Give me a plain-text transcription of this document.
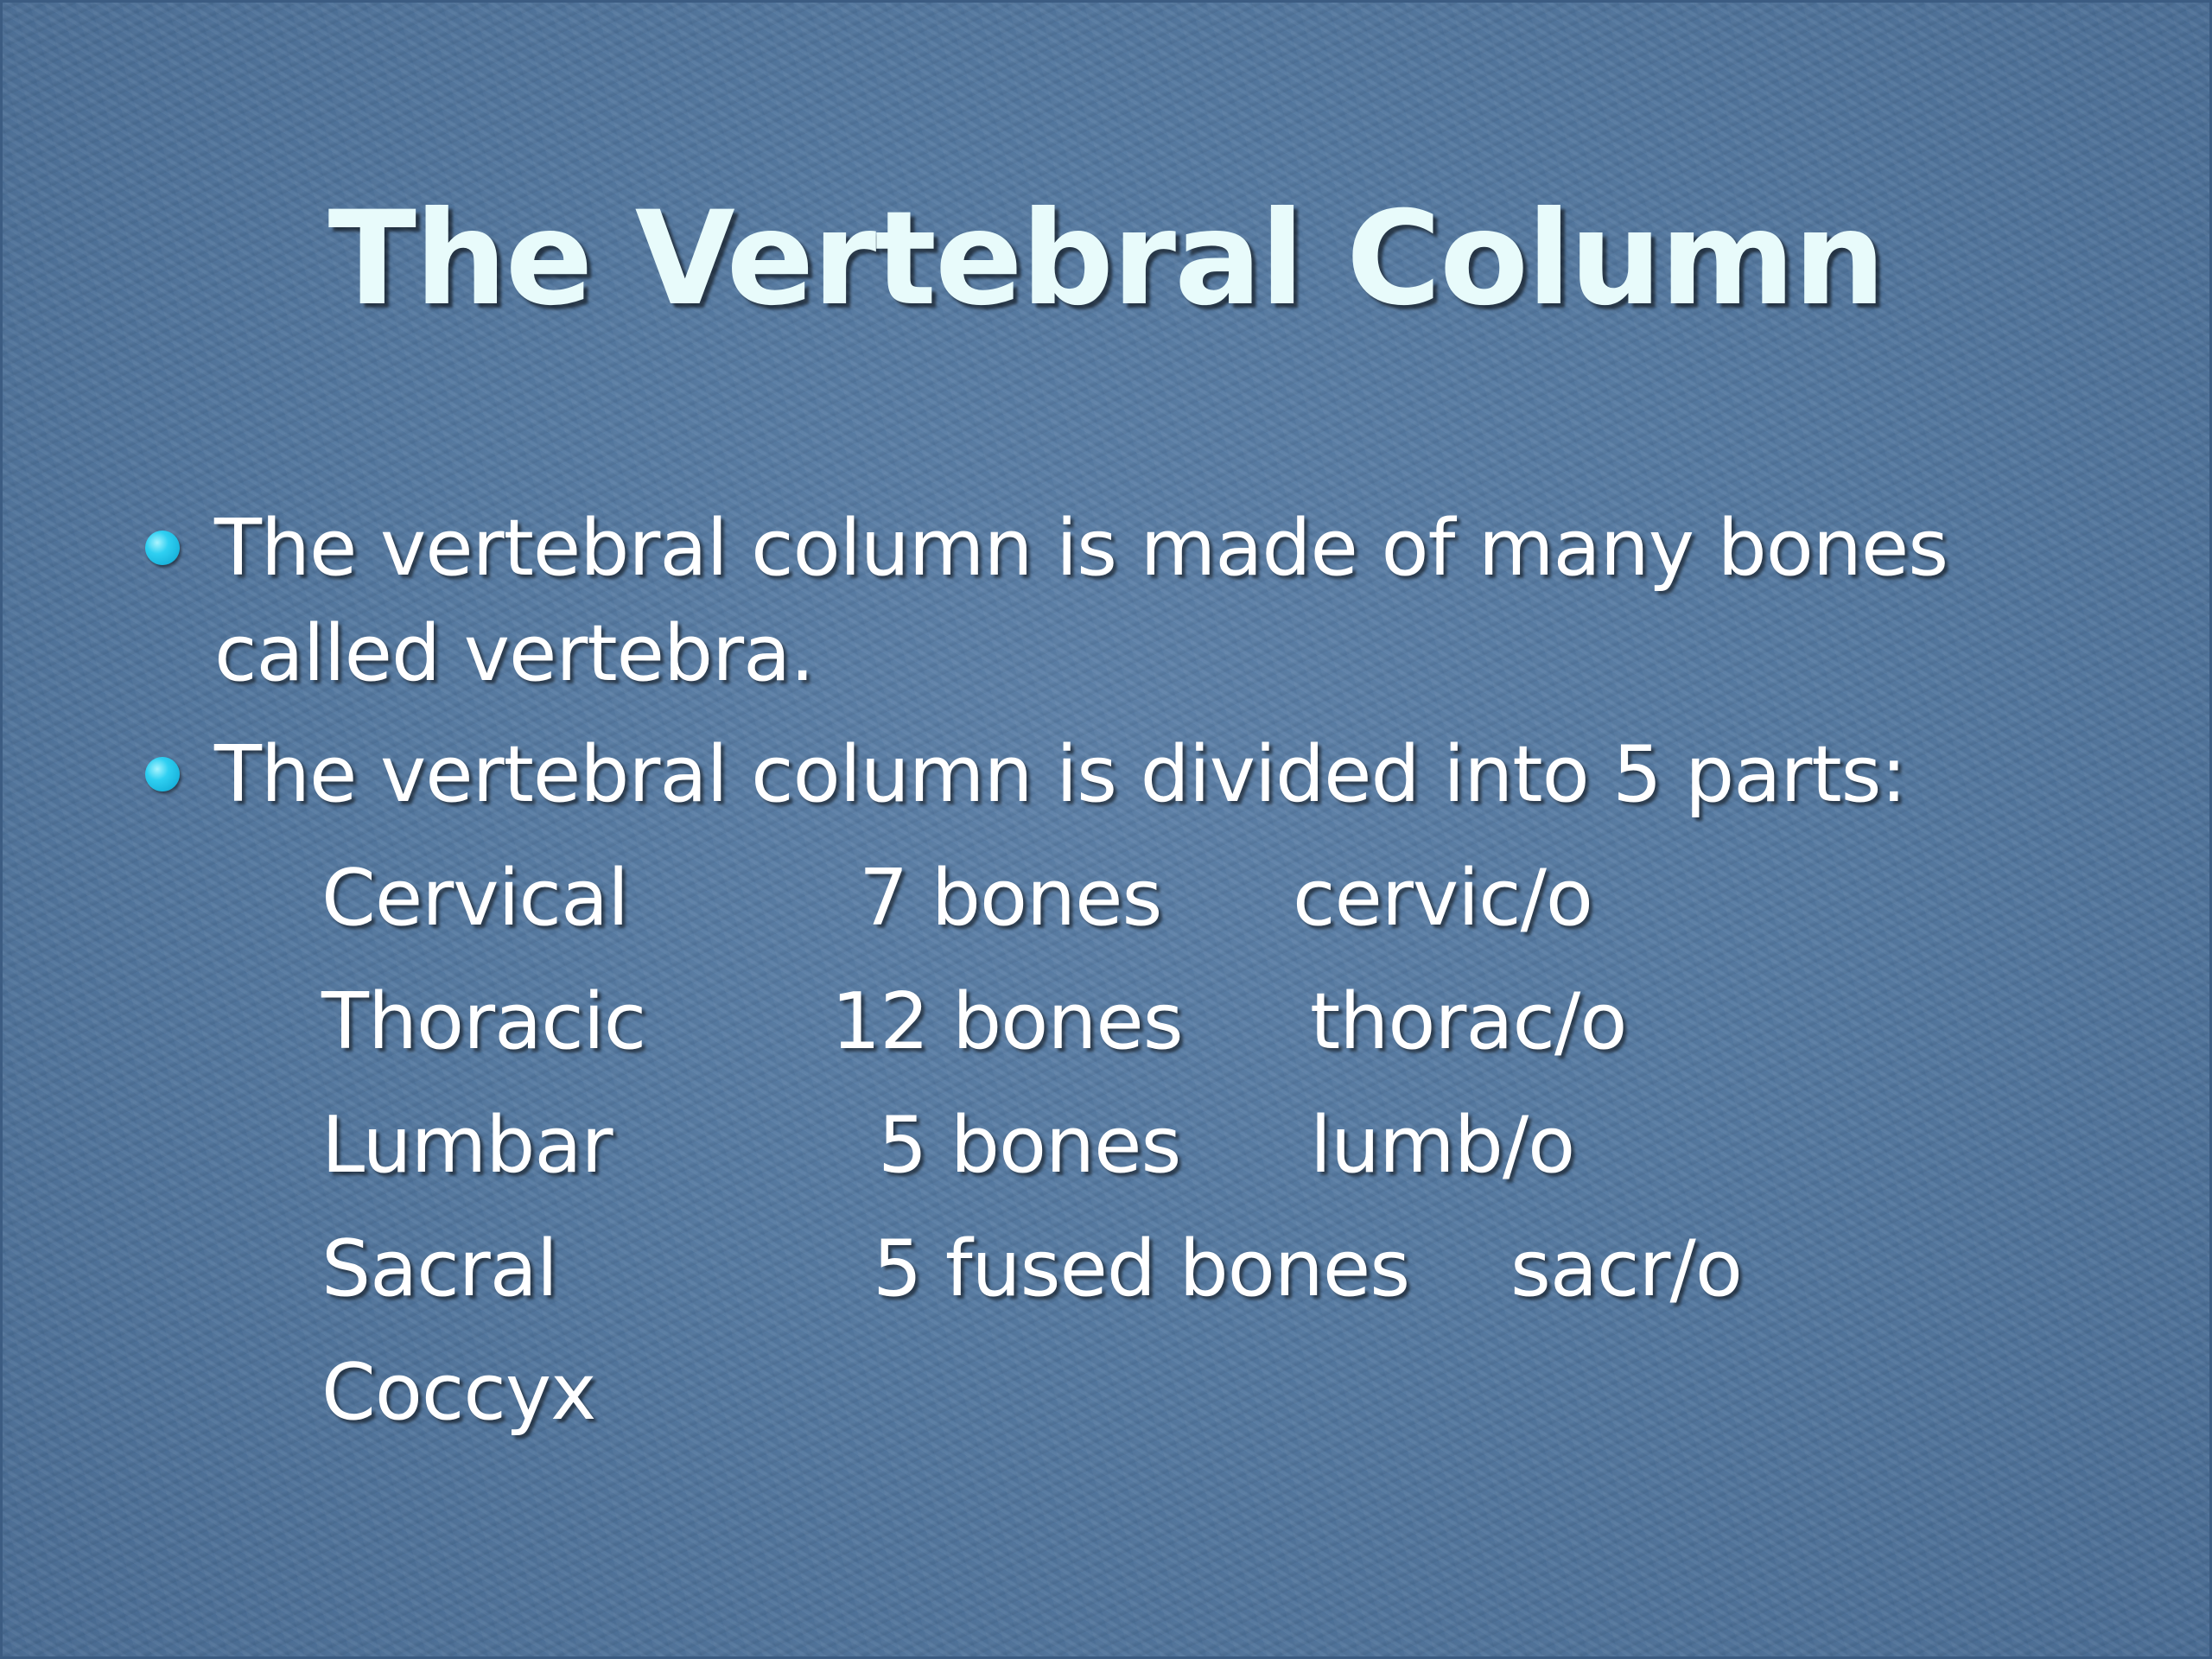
The Vertebral Column
The vertebral column is made of many bones called vertebra.
The vertebral column is divided into 5 parts:
Cervical	7 bones cervic/o
Thoracic 12 bones thorac/o
Lumbar	5 bones lumb/o
Sacral	5 fused bones sacr/o
Coccyx
